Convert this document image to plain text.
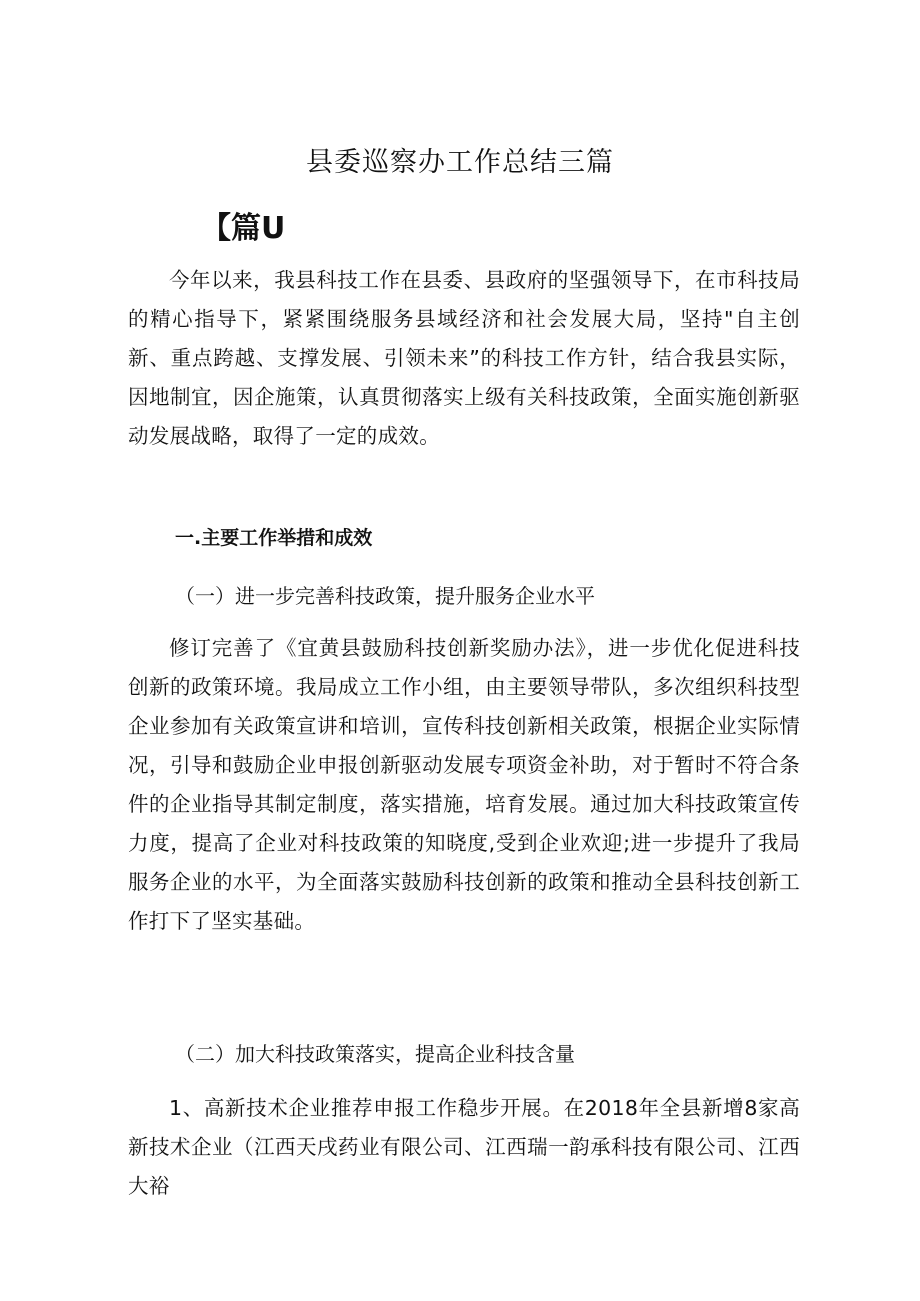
县委巡察办工作总结三篇
【篇U

今年以来，我县科技工作在县委、县政府的坚强领导下，在市科技局的精心指导下，紧紧围绕服务县域经济和社会发展大局，坚持"自主创新、重点跨越、支撑发展、引领未来”的科技工作方针，结合我县实际，因地制宜，因企施策，认真贯彻落实上级有关科技政策，全面实施创新驱动发展战略，取得了一定的成效。

一.主要工作举措和成效

（一）进一步完善科技政策，提升服务企业水平

修订完善了《宜黄县鼓励科技创新奖励办法》，进一步优化促进科技创新的政策环境。我局成立工作小组，由主要领导带队，多次组织科技型企业参加有关政策宣讲和培训，宣传科技创新相关政策，根据企业实际情况，引导和鼓励企业申报创新驱动发展专项资金补助，对于暂时不符合条件的企业指导其制定制度，落实措施，培育发展。通过加大科技政策宣传力度，提高了企业对科技政策的知晓度,受到企业欢迎;进一步提升了我局服务企业的水平，为全面落实鼓励科技创新的政策和推动全县科技创新工作打下了坚实基础。

（二）加大科技政策落实，提高企业科技含量

1、高新技术企业推荐申报工作稳步开展。在2018年全县新增8家高新技术企业（江西天戌药业有限公司、江西瑞一韵承科技有限公司、江西大裕
